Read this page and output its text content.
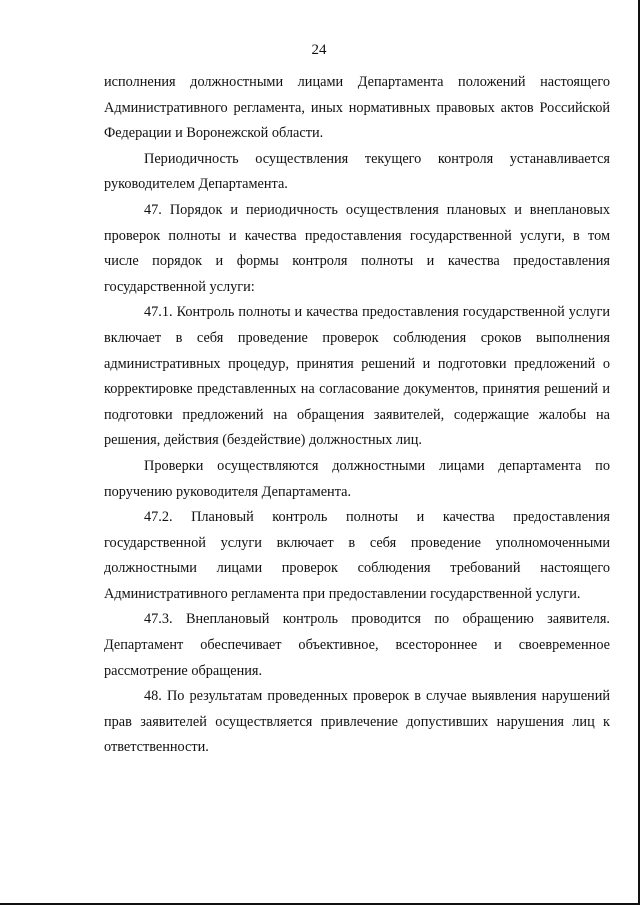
24

исполнения должностными лицами Департамента положений настоящего Административного регламента, иных нормативных правовых актов Российской Федерации и Воронежской области.

Периодичность осуществления текущего контроля устанавливается руководителем Департамента.

47. Порядок и периодичность осуществления плановых и внеплановых проверок полноты и качества предоставления государственной услуги, в том числе порядок и формы контроля полноты и качества предоставления государственной услуги:

47.1. Контроль полноты и качества предоставления государственной услуги включает в себя проведение проверок соблюдения сроков выполнения административных процедур, принятия решений и подготовки предложений о корректировке представленных на согласование документов, принятия решений и подготовки предложений на обращения заявителей, содержащие жалобы на решения, действия (бездействие) должностных лиц.

Проверки осуществляются должностными лицами департамента по поручению руководителя Департамента.

47.2. Плановый контроль полноты и качества предоставления государственной услуги включает в себя проведение уполномоченными должностными лицами проверок соблюдения требований настоящего Административного регламента при предоставлении государственной услуги.

47.3. Внеплановый контроль проводится по обращению заявителя. Департамент обеспечивает объективное, всестороннее и своевременное рассмотрение обращения.

48. По результатам проведенных проверок в случае выявления нарушений прав заявителей осуществляется привлечение допустивших нарушения лиц к ответственности.
